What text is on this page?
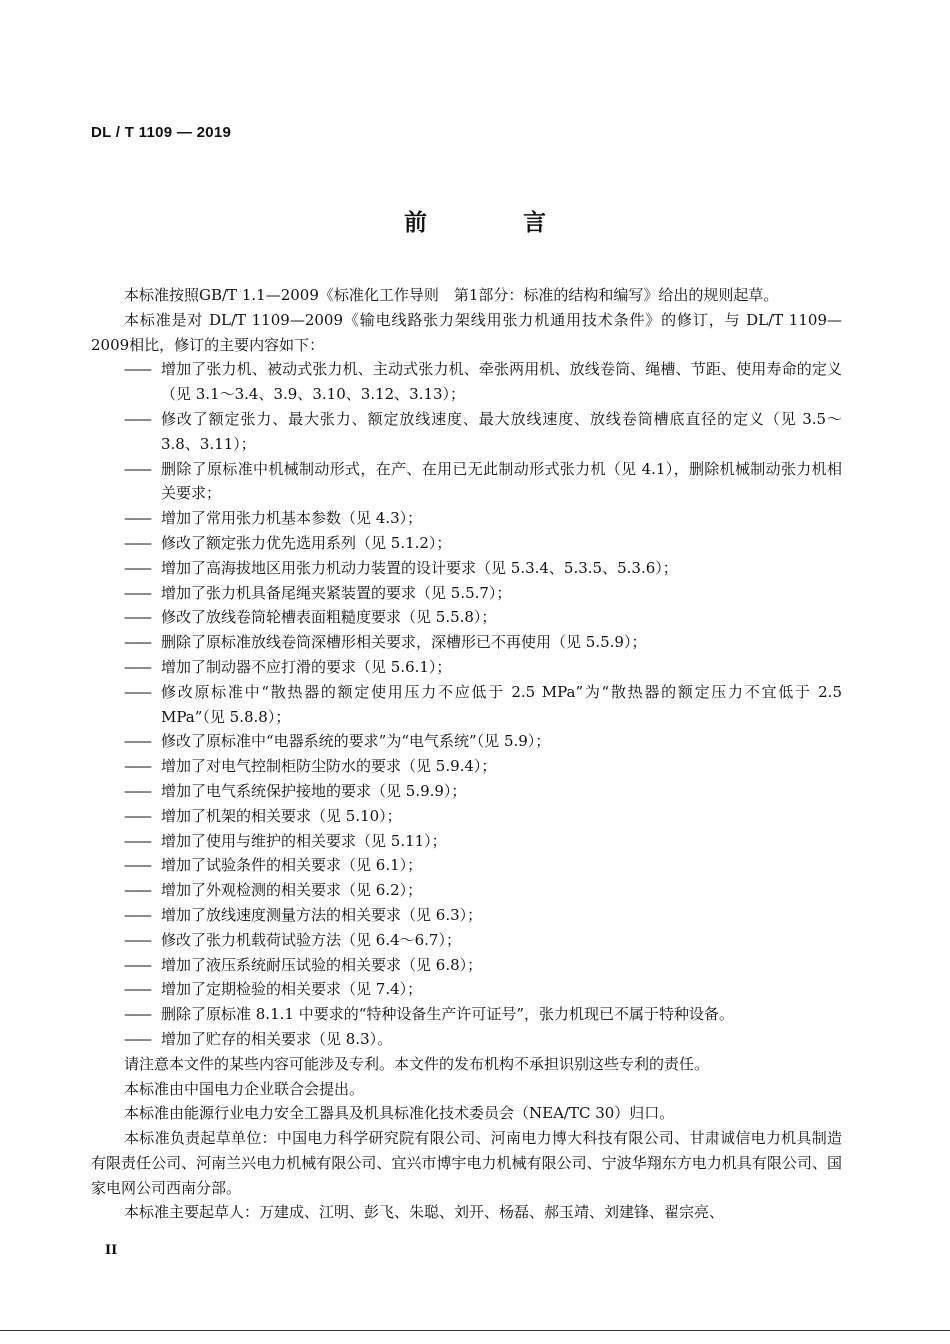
DL / T 1109 — 2019
前 言
本标准按照GB/T 1.1—2009《标准化工作导则　第1部分：标准的结构和编写》给出的规则起草。
本标准是对 DL/T 1109—2009《输电线路张力架线用张力机通用技术条件》的修订，与 DL/T 1109—2009相比，修订的主要内容如下：
—— 增加了张力机、被动式张力机、主动式张力机、牵张两用机、放线卷筒、绳槽、节距、使用寿命的定义（见 3.1～3.4、3.9、3.10、3.12、3.13）；
—— 修改了额定张力、最大张力、额定放线速度、最大放线速度、放线卷筒槽底直径的定义（见 3.5～3.8、3.11）；
—— 删除了原标准中机械制动形式，在产、在用已无此制动形式张力机（见 4.1），删除机械制动张力机相关要求；
—— 增加了常用张力机基本参数（见 4.3）；
—— 修改了额定张力优先选用系列（见 5.1.2）；
—— 增加了高海拔地区用张力机动力装置的设计要求（见 5.3.4、5.3.5、5.3.6）；
—— 增加了张力机具备尾绳夹紧装置的要求（见 5.5.7）；
—— 修改了放线卷筒轮槽表面粗糙度要求（见 5.5.8）；
—— 删除了原标准放线卷筒深槽形相关要求，深槽形已不再使用（见 5.5.9）；
—— 增加了制动器不应打滑的要求（见 5.6.1）；
—— 修改原标准中“散热器的额定使用压力不应低于 2.5 MPa”为“散热器的额定压力不宜低于 2.5 MPa”（见 5.8.8）；
—— 修改了原标准中“电器系统的要求”为“电气系统”（见 5.9）；
—— 增加了对电气控制柜防尘防水的要求（见 5.9.4）；
—— 增加了电气系统保护接地的要求（见 5.9.9）；
—— 增加了机架的相关要求（见 5.10）；
—— 增加了使用与维护的相关要求（见 5.11）；
—— 增加了试验条件的相关要求（见 6.1）；
—— 增加了外观检测的相关要求（见 6.2）；
—— 增加了放线速度测量方法的相关要求（见 6.3）；
—— 修改了张力机载荷试验方法（见 6.4～6.7）；
—— 增加了液压系统耐压试验的相关要求（见 6.8）；
—— 增加了定期检验的相关要求（见 7.4）；
—— 删除了原标准 8.1.1 中要求的“特种设备生产许可证号”，张力机现已不属于特种设备。
—— 增加了贮存的相关要求（见 8.3）。
请注意本文件的某些内容可能涉及专利。本文件的发布机构不承担识别这些专利的责任。
本标准由中国电力企业联合会提出。
本标准由能源行业电力安全工器具及机具标准化技术委员会（NEA/TC 30）归口。
本标准负责起草单位：中国电力科学研究院有限公司、河南电力博大科技有限公司、甘肃诚信电力机具制造有限责任公司、河南兰兴电力机械有限公司、宜兴市博宇电力机械有限公司、宁波华翔东方电力机具有限公司、国家电网公司西南分部。
本标准主要起草人：万建成、江明、彭飞、朱聪、刘开、杨磊、郝玉靖、刘建锋、翟宗亮、
II
